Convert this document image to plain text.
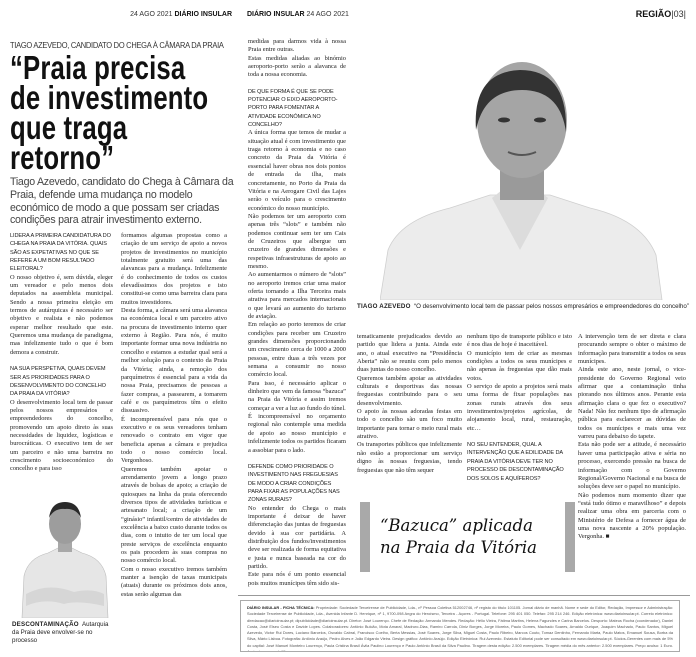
24 AGO 2021 DIÁRIO INSULAR DIÁRIO INSULAR 24 AGO 2021	REGIÃO|03|
TIAGO AZEVEDO, CANDIDATO DO CHEGA À CÂMARA DA PRAIA
“Praia precisa
de investimento
que traga
retorno”
Tiago Azevedo, candidato do Chega à Câmara da Praia, defende uma mudança no modelo económico de modo a que possam ser criadas condições para atrair investimento externo.

LIDERA A PRIMEIRA CANDIDATURA DO CHEGA NA PRAIA DA VITÓRIA. QUAIS SÃO AS EXPETATIVAS NO QUE SE REFERE A UM BOM RESULTADO ELEITORAL?

O nosso objetivo é, sem dúvida, eleger um vereador e pelo menos dois deputados na assembleia municipal. Sendo a nossa primeira eleição em termos de autárquicas é necessário ser objetivo e realista e não podemos esperar melhor resultado que este. Queremos uma mudança de paradigma, mas infelizmente tudo o que é bom demora a construir.

NA SUA PERSPETIVA, QUAIS DEVEM SER AS PRIORIDADES PARA O DESENVOLVIMENTO DO CONCELHO DA PRAIA DA VITÓRIA?

O desenvolvimento local tem de passar pelos nossos empresários e empreendedores do concelho, promovendo um apoio direto às suas necessidades de liquidez, logísticas e burocráticas. O executivo tem de ser um parceiro e não uma barreira no crescimento socioeconómico do concelho e para isso

formamos algumas propostas como a criação de um serviço de apoio a novos projetos de investimentos no município totalmente gratuito será uma das alavancas para a mudança. Infelizmente é do conhecimento de todos os custos elevadíssimos dos projetos e isto constitui-se como uma barreira clara para muitos investidores.

Desta forma, a câmara será uma alavanca na económica local e um parceiro ativo na procura de investimento interno quer externo à Região. Para nós, é muito importante formar uma nova indústria no concelho e estamos a estudar qual será a melhor solução para o contexto da Praia da Vitória; ainda, a remoção dos parquímetros é essencial para a vida da nossa Praia, precisamos de pessoas a fazer compras, a passearem, a tomarem café e os parquímetros têm o efeito dissuasivo.

É incompreensível para nós que o executivo e os seus vereadores tenham renovado o contrato em vigor que beneficia apenas a câmara e prejudica todo o nosso comércio local. Vergonhoso.

Queremos também apoiar o arrendamento jovem a longo prazo através de bolsas de apoio; a criação de quiosques na linha da praia oferecendo diversos tipos de atividades turísticas e artesanato local; a criação de um “ginásio” infantil/centro de atividades de excelência a baixo custo durante todos os dias, com o intuito de ter um local que preste serviços de excelência enquanto os pais procedem às suas compras no nosso comércio local.

Com o nosso executivo iremos também manter a isenção de taxas municipais (atuais) durante os próximos dois anos, estas serão algumas das

medidas para darmos vida à nossa Praia entre outras.

Estas medidas aliadas ao binómio aeroporto-porto serão a alavanca de toda a nossa economia.

DE QUE FORMA É QUE SE PODE POTENCIAR O EIXO AEROPORTO-PORTO PARA FOMENTAR A ATIVIDADE ECONÓMICA NO CONCELHO?

A única forma que temos de mudar a situação atual é com investimento que traga retorno à economia e no caso concreto da Praia da Vitória é essencial haver obras nos dois pontos de entrada da ilha, mais concretamente, no Porto da Praia da Vitória e na Aerogare Civil das Lajes serão o veículo para o crescimento económico do nosso município.

Não podemos ter um aeroporto com apenas três “slots” e também não podemos continuar sem ter um Cais de Cruzeiros que albergue um cruzeiro de grandes dimensões e respetivas infraestruturas de apoio ao mesmo.

Ao aumentarmos o número de “slots” no aeroporto iremos criar uma maior oferta tornando a Ilha Terceira mais atrativa para mercados internacionais o que levará ao aumento do turismo de aviação.

Em relação ao porto teremos de criar condições para receber um Cruzeiro grandes dimensões proporcionando um crescimento cerca de 1000 a 2000 pessoas, entre duas a três vezes por semana a consumir no nosso comércio local.

Para isso, é necessário aplicar o dinheiro que vem da famosa “bazuca” na Praia da Vitória e assim iremos começar a ver a luz ao fundo do túnel.

É incompreensível no orçamento regional não contemple uma medida de apoio ao nosso município e infelizmente todos os partidos ficaram a assobiar para o lado.

DEFENDE COMO PRIORIDADE O INVESTIMENTO NAS FREGUESIAS DE MODO A CRIAR CONDIÇÕES PARA FIXAR AS POPULAÇÕES NAS ZONAS RURAIS?

No entender do Chega o mais importante é deixar de haver diferenciação das juntas de freguesias devido à sua cor partidária. A distribuição dos fundos/investimentos deve ser realizada de forma equitativa e justa e nunca baseada na cor do partido.

Este para nós é um ponto essencial pois muitos munícipes têm sido sis-

tematicamente prejudicados devido ao partido que lidera a junta. Ainda este ano, o atual executivo na “Presidência Aberta” não se reuniu com pelo menos duas juntas do nosso concelho.

Queremos também apoiar as atividades culturais e desportivas das nossas freguesias contribuindo para o seu desenvolvimento.

O apoio às nossas adoradas festas em todo o concelho são um foco muito importante para tornar o meio rural mais atrativo.

Os transportes públicos que infelizmente não estão a proporcionar um serviço digno às nossas freguesias, tendo freguesias que não têm sequer

nenhum tipo de transporte público e isto é nos dias de hoje é inaceitável.

O município tem de criar as mesmas condições a todos os seus munícipes e não apenas às freguesias que dão mais votos.

O serviço de apoio a projetos será mais uma forma de fixar populações nas zonas rurais através dos seus investimentos/projetos agrícolas, de alojamento local, rural, restauração, etc…

NO SEU ENTENDER, QUAL A INTERVENÇÃO QUE A EDILIDADE DA PRAIA DA VITÓRIA DEVE TER NO PROCESSO DE DESCONTAMINAÇÃO DOS SOLOS E AQUÍFEROS?

A intervenção tem de ser direta e clara procurando sempre o obter o máximo de informação para transmitir a todos os seus munícipes.

Ainda este ano, neste jornal, o vice-presidente do Governo Regional veio afirmar que a contaminação tinha piorando nos últimos anos. Perante esta afirmação clara o que fez o executivo? Nada! Não fez nenhum tipo de afirmação pública para esclarecer as dúvidas de todos os munícipes e mais uma vez varreu para debaixo do tapete.

Esta não pode ser a atitude, é necessário haver uma participação ativa e séria no processo, exercendo pressão na busca de informação com o Governo Regional/Governo Nacional e na busca de soluções deve ser o papel no município.

Não podemos num momento dizer que “está tudo ótimo e maravilhoso” e depois realizar uma obra em parceria com o Ministério de Defesa a fornecer água de uma nova nascente a 20% população. Vergonha. ■

DESCONTAMINAÇÃO Autarquia da Praia deve envolver-se no processo
TIAGO AZEVEDO “O desenvolvimento local tem de passar pelos nossos empresários e empreendedores do concelho”
“Bazuca” aplicada
na Praia da Vitória
DIÁRIO INSULAR - FICHA TÉCNICA: Propriedade: Sociedade Terceirense de Publicidade, Lda., nº Pessoa Coletiva 512002746, nº registo do título 101105. Jornal diário de manhã. Nome e sede do Editor, Redação, Impressor e Administração: Sociedade Terceirense de Publicidade, Lda., Avenida Infante D. Henrique, nº 1, 9700-098 Angra do Heroísmo, Terceira - Açores - Portugal. Telefone: 295 401 050. Telefax: 295 214 246. Edição eletrónica: www.diarioinsular.pt. Correio eletrónico: diredacao@diarioinsular.pt; dipublicidade@diarioinsular.pt. Diretor: José Lourenço. Chefe de Redação: Armando Mendes. Redação: Hélio Vieira, Fátima Martins, Helena Fagundes e Carina Barcelos. Desporto: Mateus Rocha (coordenador), Daniel Costa, José Elseu Costa e Davide Lopes. Colaboradores: Antônio Bulcão, Mota Amaral, Madruro-Dias, Ramiro Carrola, Diniz Borges, Jorge Moreira, Paulo Gomes, Machado Soares, Arnaldo Ourique, Joaquim Machado, Paulo Santos, Miguel Azevedo, Victor Rui Dores, Luciano Barcelos, Osvaldo Cabral, Francisco Coelho, Berta Messias, José Soares, Jorge Silva, Miguel Costa, Paulo Ribeiro, Marcos Couto, Tomaz Dentinho, Fernando Marta, Paulo Matos, Emanuel Sousa, Borba da Silva, Mário Lisboa. Fotografia: Antônio Araújo, Pedro Alves e João Edgardo Vieira. Design gráfico: Antônio Araújo. Edição Eletrónica: Rui Azevedo. Estatuto Editorial pode ser consultado em www.diarioinsular.pt. Sócios-Gerentes com mais de 5% do capital: José Manuel Monteiro Lourenço, Paula Cristina Brasil Ávila Paulino Lourenço e Paulo Antônio Brasil da Silva Paulino. Tiragem desta edição: 2.500 exemplares. Tiragem média do mês anterior: 2.500 exemplares. Preço avulso: 1 Euro. Assinatura mensal: 15 euros.
